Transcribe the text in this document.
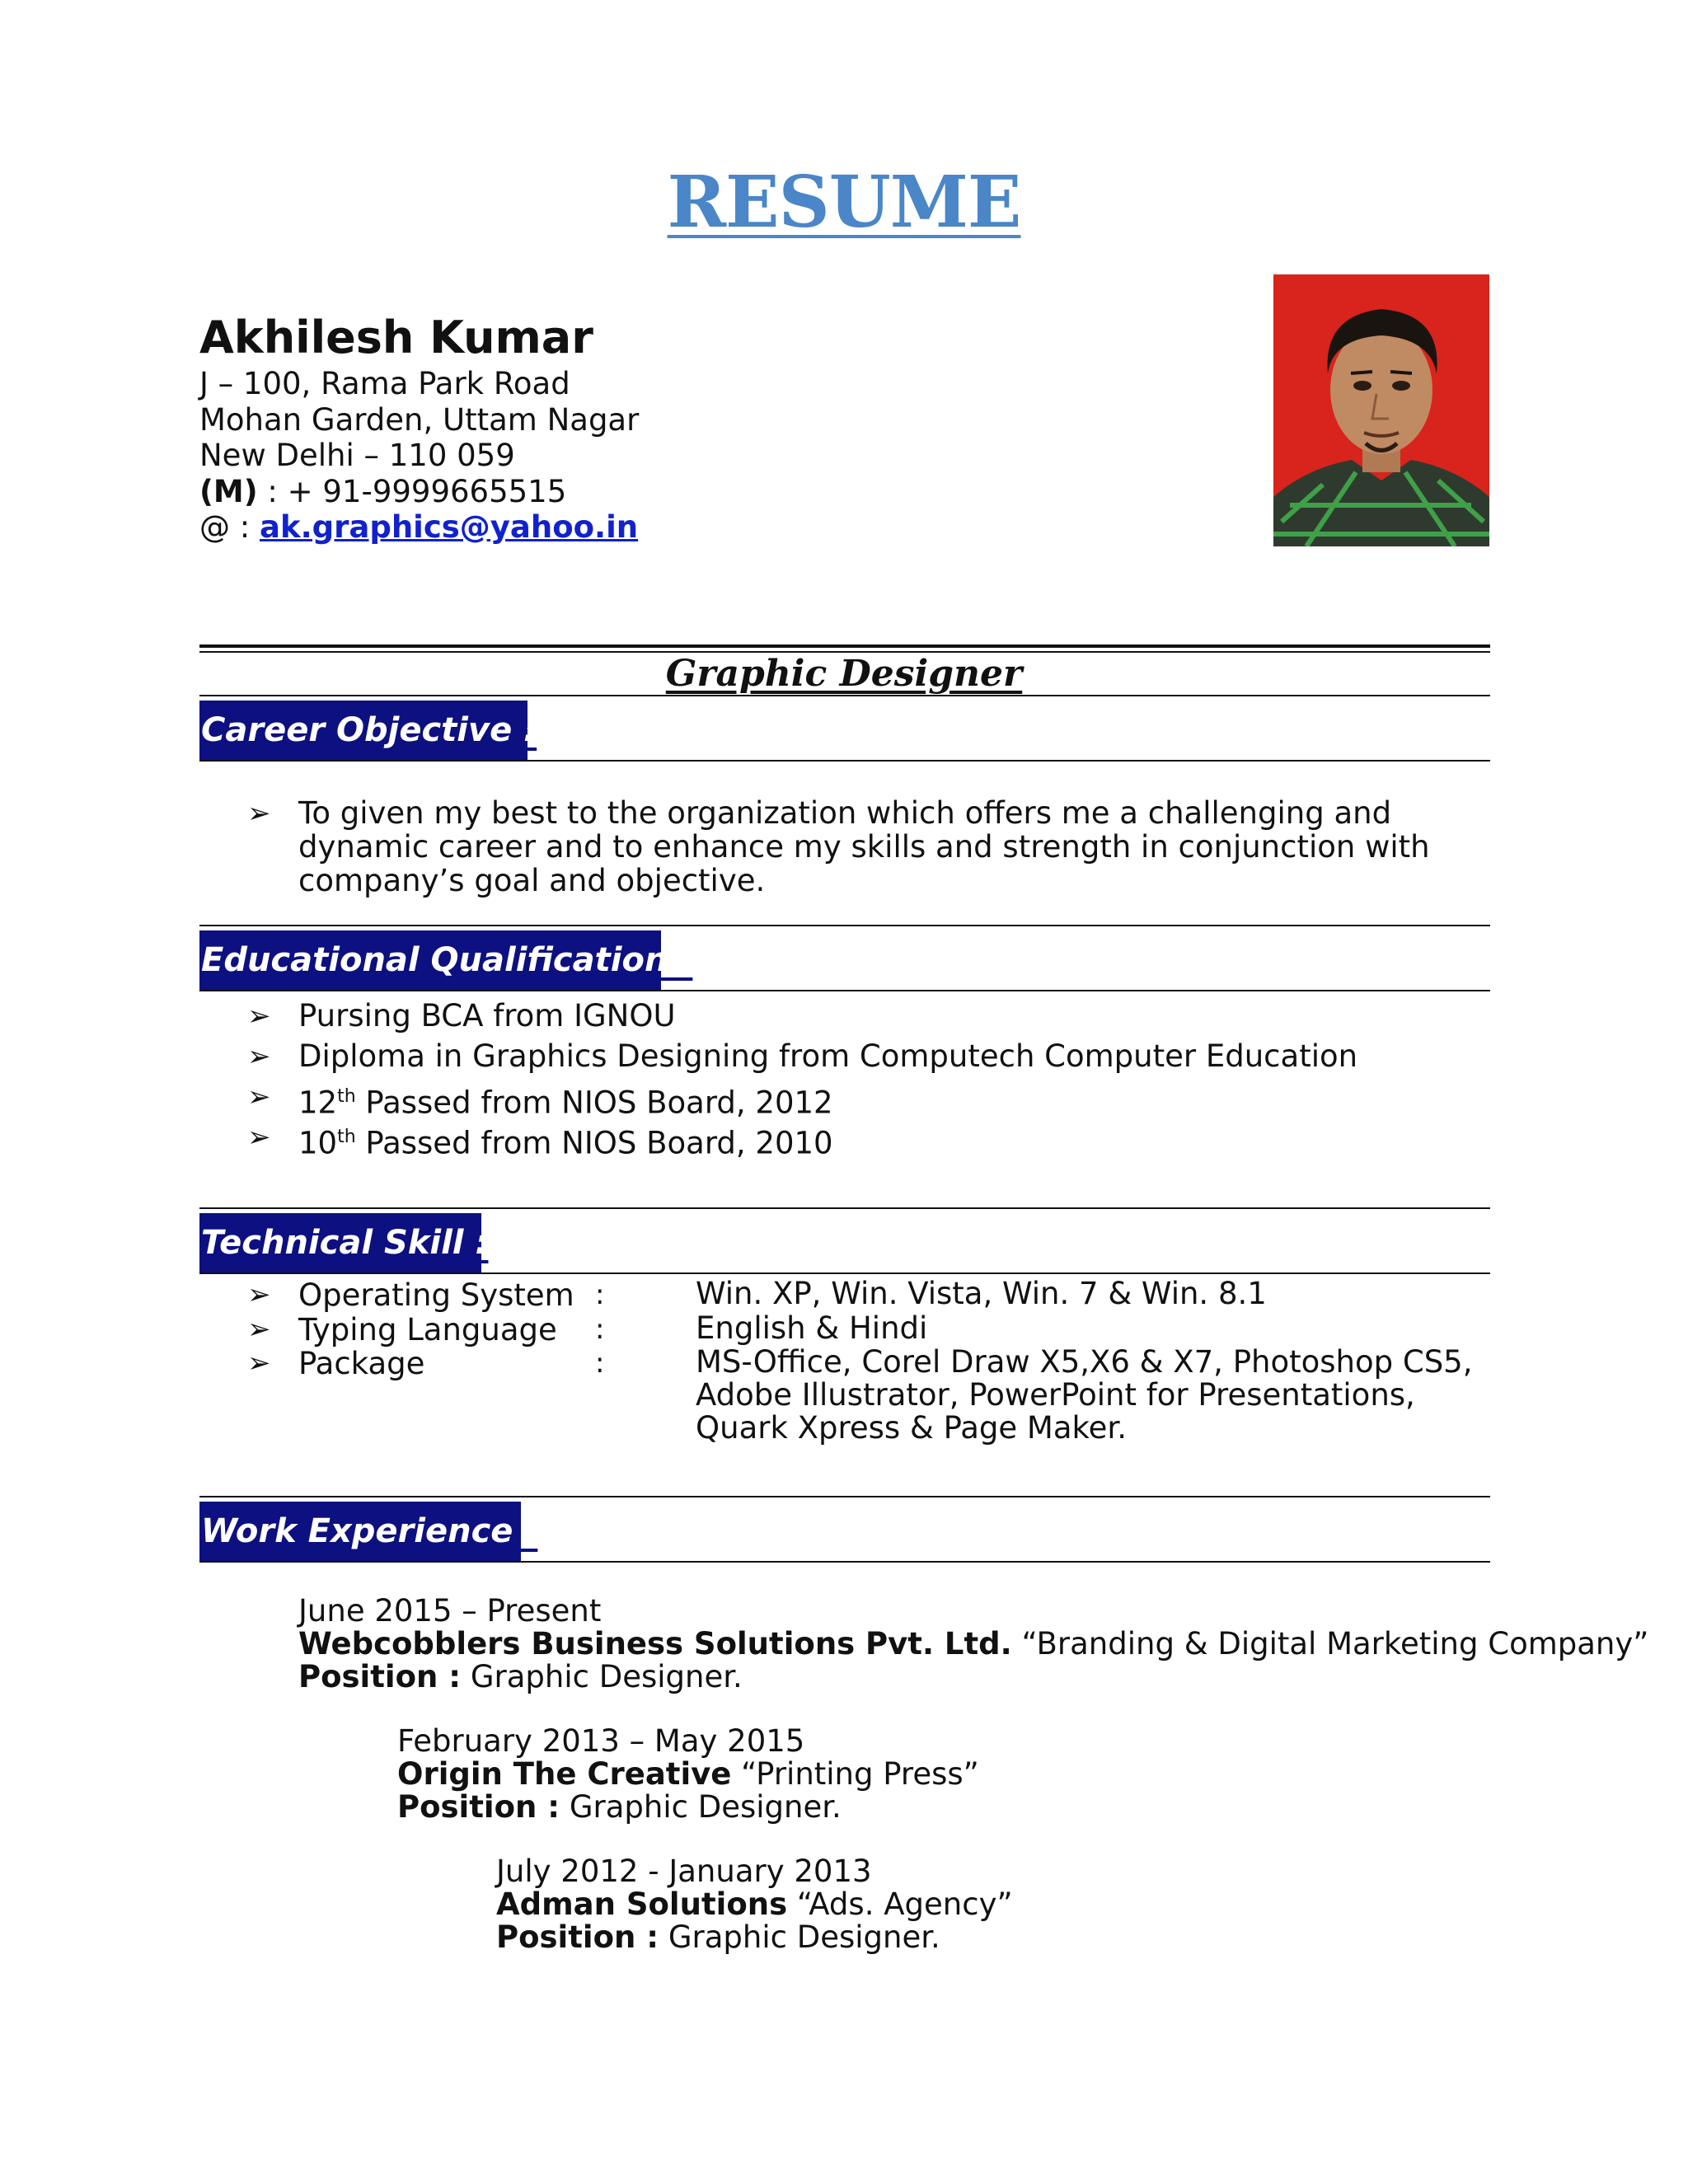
RESUME
Akhilesh Kumar
J – 100, Rama Park Road
Mohan Garden, Uttam Nagar
New Delhi – 110 059
(M) : + 91-9999665515
@ : ak.graphics@yahoo.in
Graphic Designer
Career Objective :
➢ To given my best to the organization which offers me a challenging and dynamic career and to enhance my skills and strength in conjunction with company’s goal and objective.
Educational Qualification :
➢ Pursing BCA from IGNOU
➢ Diploma in Graphics Designing from Computech Computer Education
➢ 12th Passed from NIOS Board, 2012
➢ 10th Passed from NIOS Board, 2010
Technical Skill :
➢ Operating System :	Win. XP, Win. Vista, Win. 7 & Win. 8.1
➢ Typing Language :	English & Hindi
➢ Package	:	MS-Office, Corel Draw X5,X6 & X7, Photoshop CS5, Adobe Illustrator, PowerPoint for Presentations, Quark Xpress & Page Maker.
Work Experience :
June 2015 – Present
Webcobblers Business Solutions Pvt. Ltd. “Branding & Digital Marketing Company”
Position : Graphic Designer.
February 2013 – May 2015
Origin The Creative “Printing Press”
Position : Graphic Designer.
July 2012 - January 2013
Adman Solutions “Ads. Agency”
Position : Graphic Designer.
